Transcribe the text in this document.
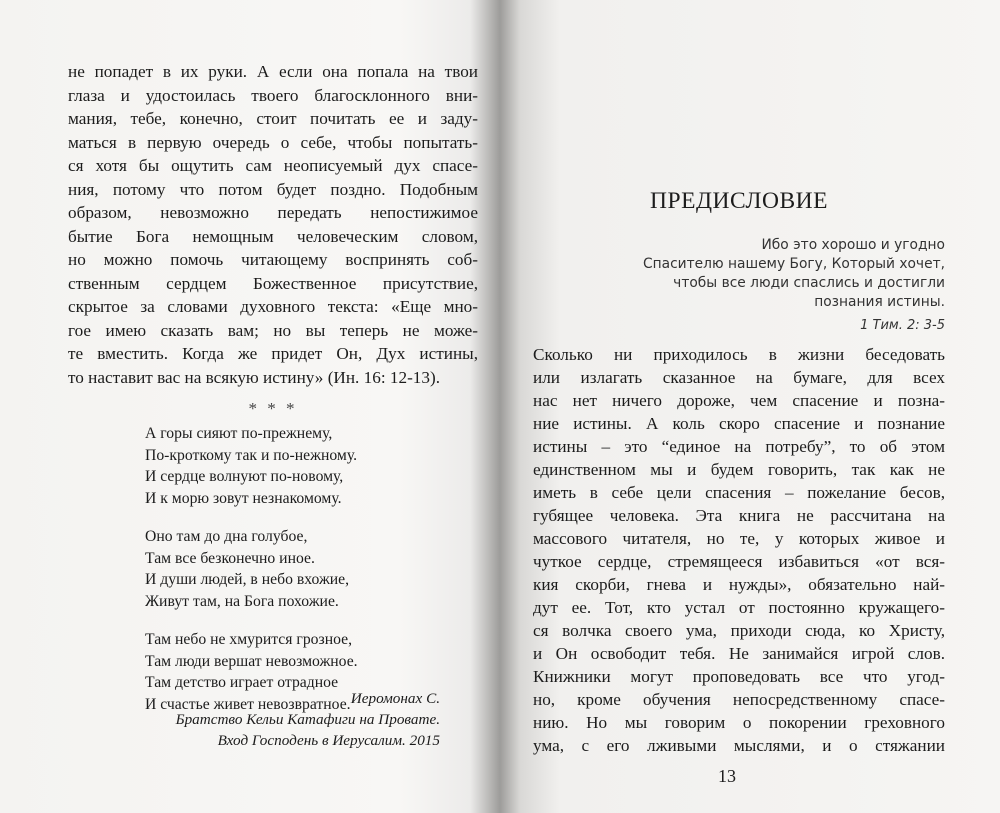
не попадет в их руки. А если она попала на твои

глаза и удостоилась твоего благосклонного вни-

мания, тебе, конечно, стоит почитать ее и заду-

маться в первую очередь о себе, чтобы попытать-

ся хотя бы ощутить сам неописуемый дух спасе-

ния, потому что потом будет поздно. Подобным

образом, невозможно передать непостижимое

бытие Бога немощным человеческим словом,

но можно помочь читающему воспринять соб-

ственным сердцем Божественное присутствие,

скрытое за словами духовного текста: «Еще мно-

гое имею сказать вам; но вы теперь не може-

те вместить. Когда же придет Он, Дух истины,

то наставит вас на всякую истину» (Ин. 16: 12-13).

* * *

А горы сияют по-прежнему,

По-кроткому так и по-нежному.

И сердце волнуют по-новому,

И к морю зовут незнакомому.

Оно там до дна голубое,

Там все безконечно иное.

И души людей, в небо вхожие,

Живут там, на Бога похожие.

Там небо не хмурится грозное,

Там люди вершат невозможное.

Там детство играет отрадное

И счастье живет невозвратное. Иеромонах С.

Братство Кельи Катафиги на Провате.

Вход Господень в Иерусалим. 2015

ПРЕДИСЛОВИЕ

Ибо это хорошо и угодно

Спасителю нашему Богу, Который хочет,

чтобы все люди спаслись и достигли

познания истины.

1 Тим. 2: 3-5

Сколько ни приходилось в жизни беседовать

или излагать сказанное на бумаге, для всех

нас нет ничего дороже, чем спасение и позна-

ние истины. А коль скоро спасение и познание

истины – это “единое на потребу”, то об этом

единственном мы и будем говорить, так как не

иметь в себе цели спасения – пожелание бесов,

губящее человека. Эта книга не рассчитана на

массового читателя, но те, у которых живое и

чуткое сердце, стремящееся избавиться «от вся-

кия скорби, гнева и нужды», обязательно най-

дут ее. Тот, кто устал от постоянно кружащего-

ся волчка своего ума, приходи сюда, ко Христу,

и Он освободит тебя. Не занимайся игрой слов.

Книжники могут проповедовать все что угод-

но, кроме обучения непосредственному спасе-

нию. Но мы говорим о покорении греховного

ума, с его лживыми мыслями, и о стяжании

13
